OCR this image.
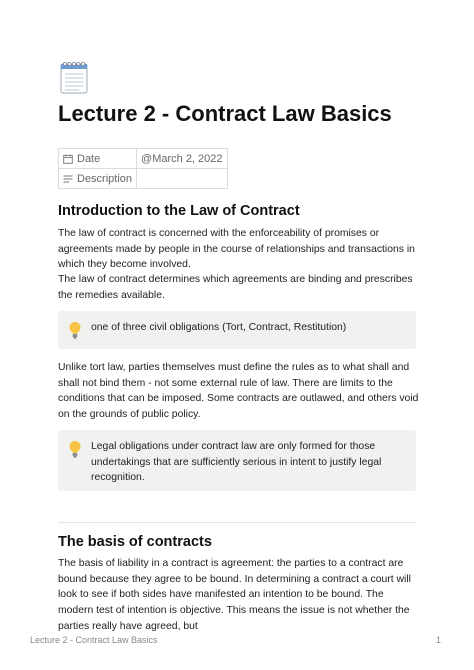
Lecture 2 - Contract Law Basics
Date	@March 2, 2022
Description	
Introduction to the Law of Contract

The law of contract is concerned with the enforceability of promises or agreements made by people in the course of relationships and transactions in which they become involved.

The law of contract determines which agreements are binding and prescribes the remedies available.

one of three civil obligations (Tort, Contract, Restitution)

Unlike tort law, parties themselves must define the rules as to what shall and shall not bind them - not some external rule of law. There are limits to the conditions that can be imposed. Some contracts are outlawed, and others void on the grounds of public policy.

Legal obligations under contract law are only formed for those undertakings that are sufficiently serious in intent to justify legal recognition.

The basis of contracts

The basis of liability in a contract is agreement: the parties to a contract are bound because they agree to be bound. In determining a contract a court will look to see if both sides have manifested an intention to be bound. The modern test of intention is objective. This means the issue is not whether the parties really have agreed, but

Lecture 2 - Contract Law Basics	1
